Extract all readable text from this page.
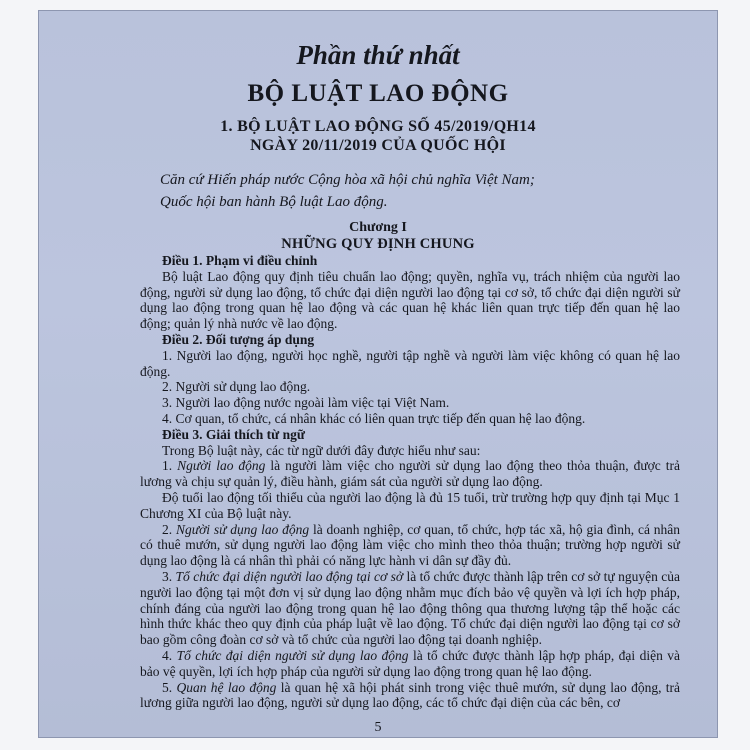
Phần thứ nhất
BỘ LUẬT LAO ĐỘNG
1. BỘ LUẬT LAO ĐỘNG SỐ 45/2019/QH14
NGÀY 20/11/2019 CỦA QUỐC HỘI
Căn cứ Hiến pháp nước Cộng hòa xã hội chủ nghĩa Việt Nam;
Quốc hội ban hành Bộ luật Lao động.
Chương I
NHỮNG QUY ĐỊNH CHUNG

Điều 1. Phạm vi điều chỉnh

Bộ luật Lao động quy định tiêu chuẩn lao động; quyền, nghĩa vụ, trách nhiệm của người lao động, người sử dụng lao động, tổ chức đại diện người lao động tại cơ sở, tổ chức đại diện người sử dụng lao động trong quan hệ lao động và các quan hệ khác liên quan trực tiếp đến quan hệ lao động; quản lý nhà nước về lao động.

Điều 2. Đối tượng áp dụng

1. Người lao động, người học nghề, người tập nghề và người làm việc không có quan hệ lao động.

2. Người sử dụng lao động.

3. Người lao động nước ngoài làm việc tại Việt Nam.

4. Cơ quan, tổ chức, cá nhân khác có liên quan trực tiếp đến quan hệ lao động.

Điều 3. Giải thích từ ngữ

Trong Bộ luật này, các từ ngữ dưới đây được hiểu như sau:

1. Người lao động là người làm việc cho người sử dụng lao động theo thỏa thuận, được trả lương và chịu sự quản lý, điều hành, giám sát của người sử dụng lao động.

Độ tuổi lao động tối thiểu của người lao động là đủ 15 tuổi, trừ trường hợp quy định tại Mục 1 Chương XI của Bộ luật này.

2. Người sử dụng lao động là doanh nghiệp, cơ quan, tổ chức, hợp tác xã, hộ gia đình, cá nhân có thuê mướn, sử dụng người lao động làm việc cho mình theo thỏa thuận; trường hợp người sử dụng lao động là cá nhân thì phải có năng lực hành vi dân sự đầy đủ.

3. Tổ chức đại diện người lao động tại cơ sở là tổ chức được thành lập trên cơ sở tự nguyện của người lao động tại một đơn vị sử dụng lao động nhằm mục đích bảo vệ quyền và lợi ích hợp pháp, chính đáng của người lao động trong quan hệ lao động thông qua thương lượng tập thể hoặc các hình thức khác theo quy định của pháp luật về lao động. Tổ chức đại diện người lao động tại cơ sở bao gồm công đoàn cơ sở và tổ chức của người lao động tại doanh nghiệp.

4. Tổ chức đại diện người sử dụng lao động là tổ chức được thành lập hợp pháp, đại diện và bảo vệ quyền, lợi ích hợp pháp của người sử dụng lao động trong quan hệ lao động.

5. Quan hệ lao động là quan hệ xã hội phát sinh trong việc thuê mướn, sử dụng lao động, trả lương giữa người lao động, người sử dụng lao động, các tổ chức đại diện của các bên, cơ

5
